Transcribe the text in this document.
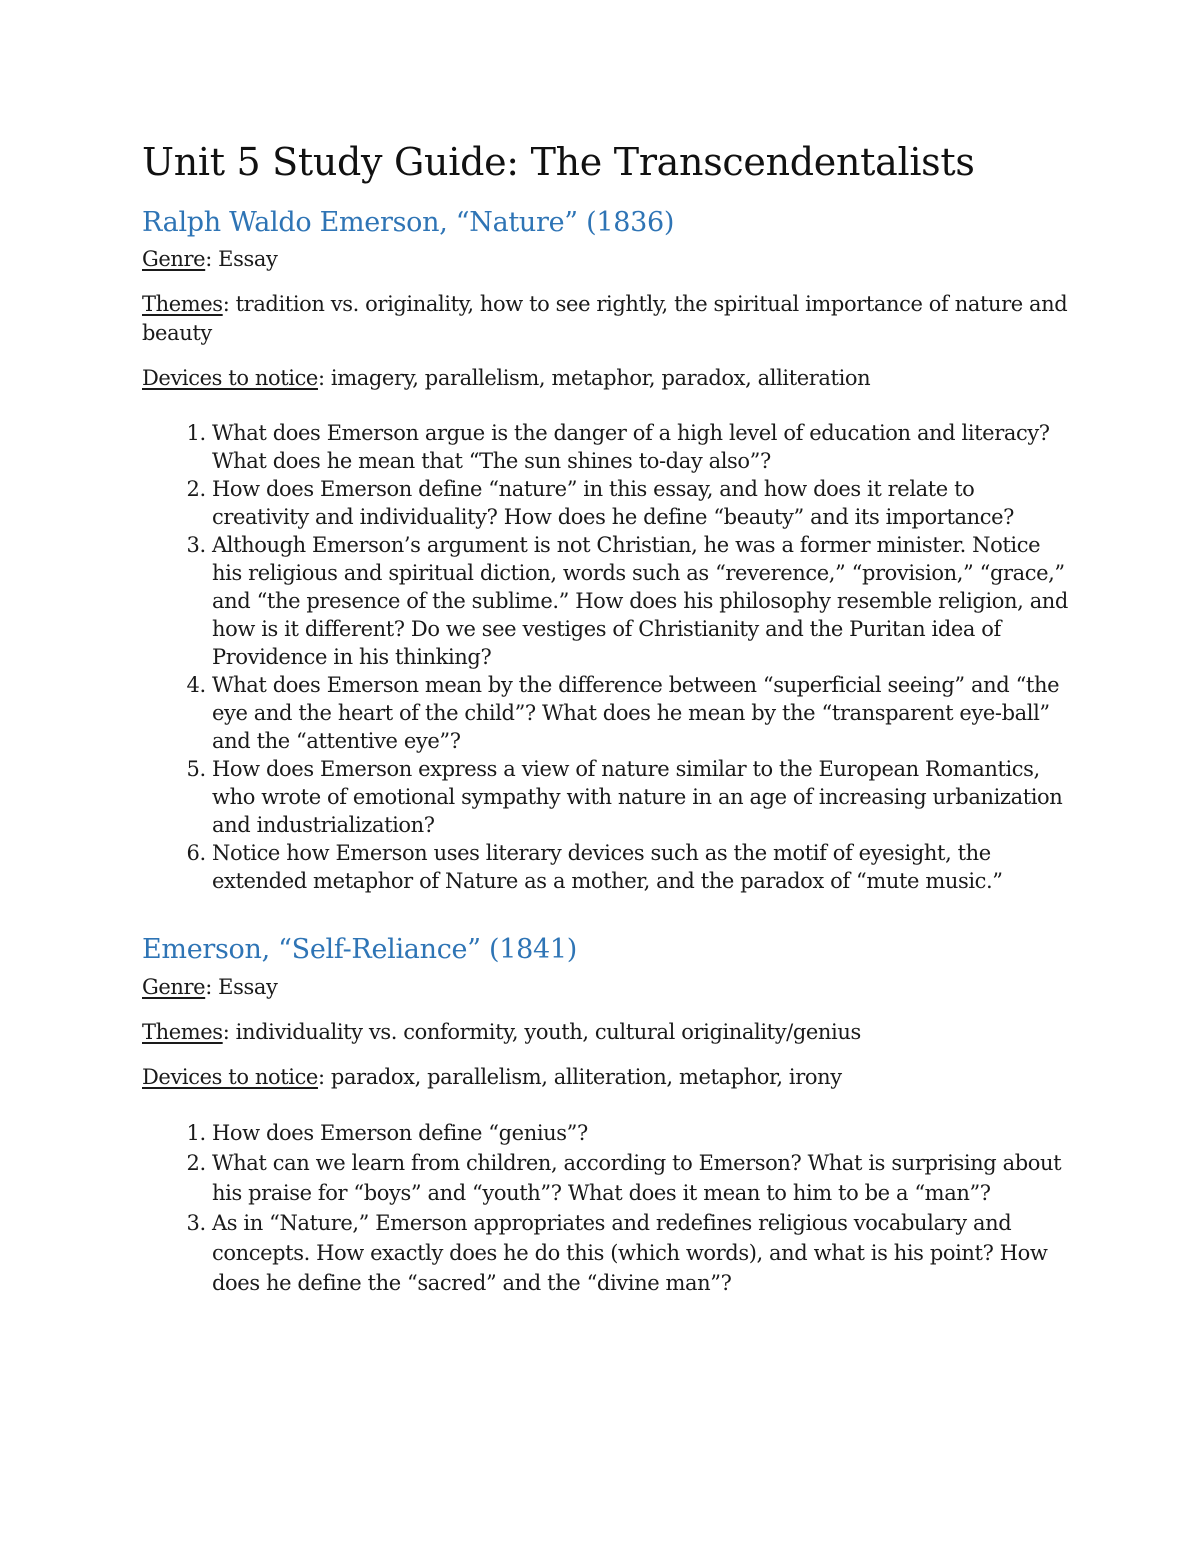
Unit 5 Study Guide: The Transcendentalists
Ralph Waldo Emerson, “Nature” (1836)

Genre: Essay

Themes: tradition vs. originality, how to see rightly, the spiritual importance of nature and beauty

Devices to notice: imagery, parallelism, metaphor, paradox, alliteration

1. What does Emerson argue is the danger of a high level of education and literacy? What does he mean that “The sun shines to-day also”?
2. How does Emerson define “nature” in this essay, and how does it relate to creativity and individuality? How does he define “beauty” and its importance?
3. Although Emerson’s argument is not Christian, he was a former minister. Notice his religious and spiritual diction, words such as “reverence,” “provision,” “grace,” and “the presence of the sublime.” How does his philosophy resemble religion, and how is it different? Do we see vestiges of Christianity and the Puritan idea of Providence in his thinking?
4. What does Emerson mean by the difference between “superficial seeing” and “the eye and the heart of the child”? What does he mean by the “transparent eye-ball” and the “attentive eye”?
5. How does Emerson express a view of nature similar to the European Romantics, who wrote of emotional sympathy with nature in an age of increasing urbanization and industrialization?
6. Notice how Emerson uses literary devices such as the motif of eyesight, the extended metaphor of Nature as a mother, and the paradox of “mute music.”
Emerson, “Self-Reliance” (1841)

Genre: Essay

Themes: individuality vs. conformity, youth, cultural originality/genius

Devices to notice: paradox, parallelism, alliteration, metaphor, irony

1. How does Emerson define “genius”?
2. What can we learn from children, according to Emerson? What is surprising about his praise for “boys” and “youth”? What does it mean to him to be a “man”?
3. As in “Nature,” Emerson appropriates and redefines religious vocabulary and concepts. How exactly does he do this (which words), and what is his point? How does he define the “sacred” and the “divine man”?
